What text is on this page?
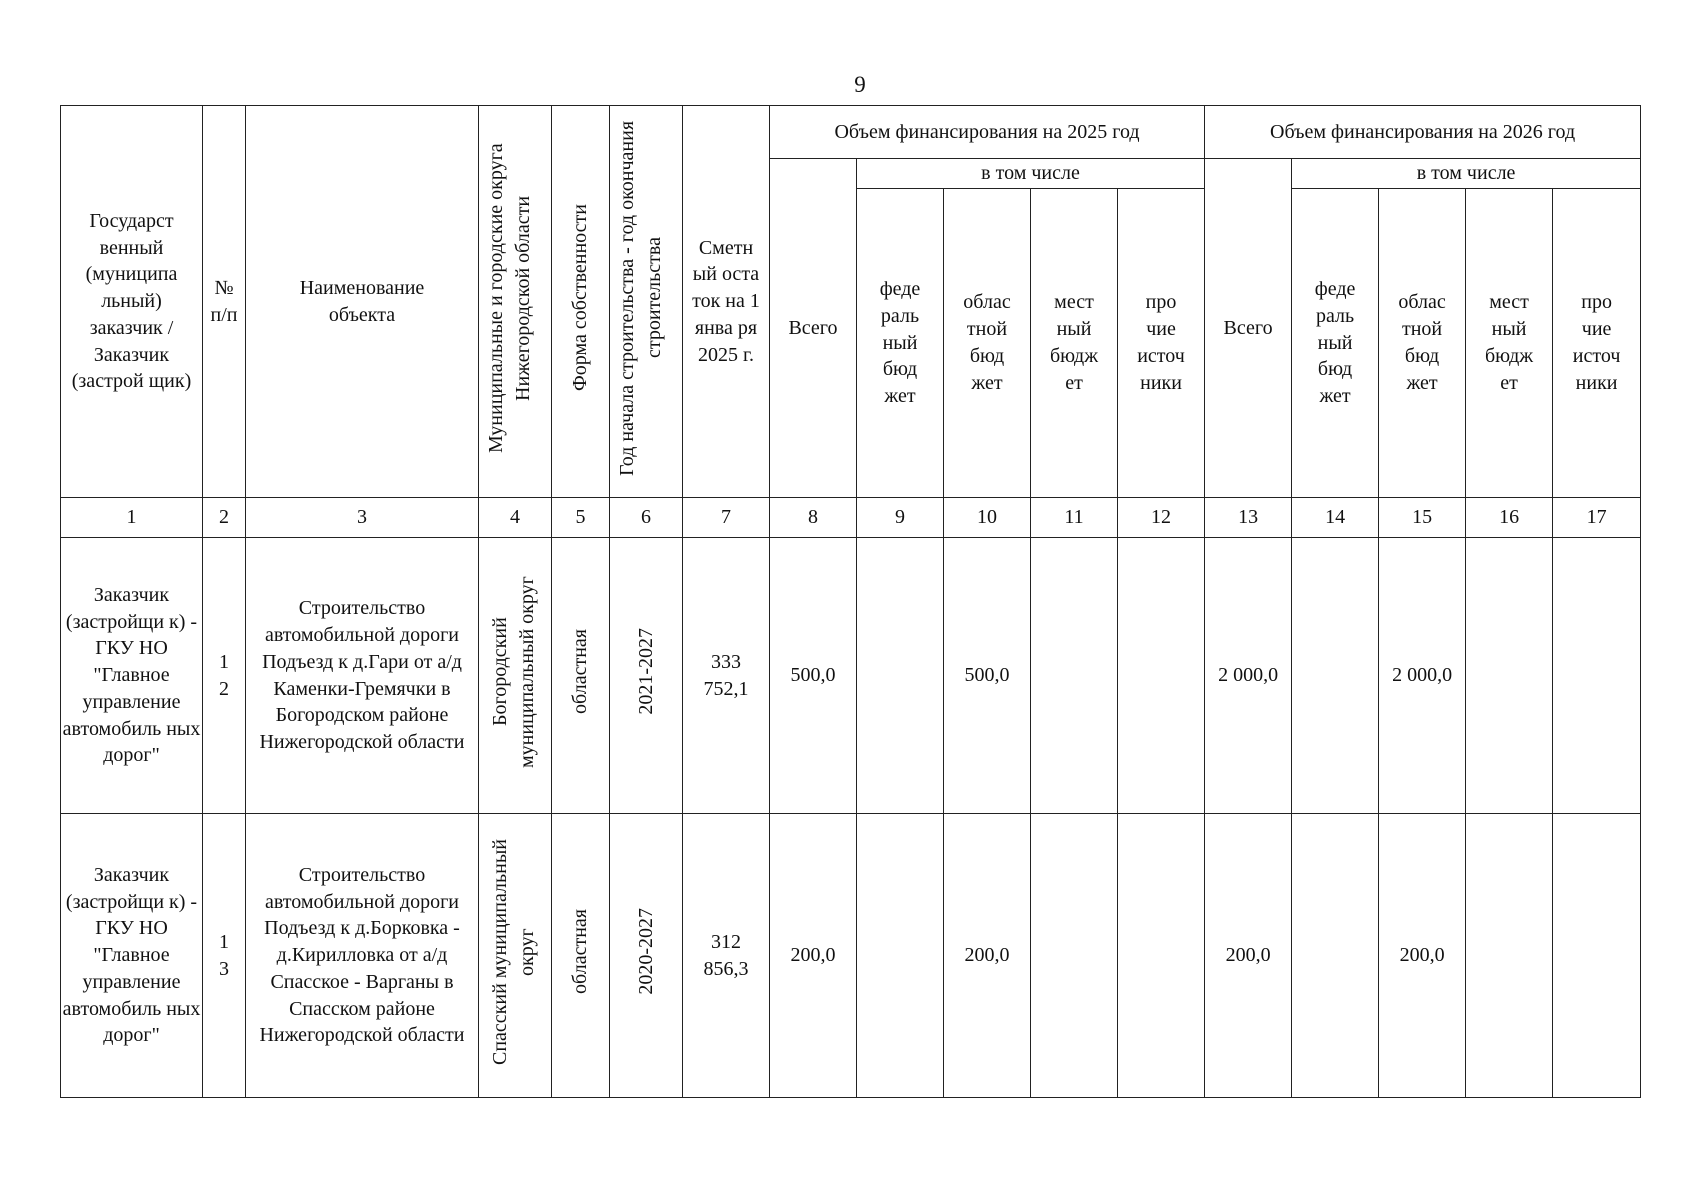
9
Государст венный (муниципа льный) заказчик / Заказчик (застрой щик)	№ п/п	Наименование объекта	Муниципальные и городские округа Нижегородской области	Форма собственности	Год начала строительства - год окончания строительства	Сметн ый оста ток на 1 янва ря 2025 г.	Объем финансирования на 2025 год					Объем финансирования на 2026 год				
							Всего	в том числе				Всего	в том числе			

								феде раль ный бюд жет	облас тной бюд жет	мест ный бюдж ет	про чие источ ники		феде раль ный бюд жет	облас тной бюд жет	мест ный бюдж ет	про чие источ ники

1	2	3	4	5	6	7	8	9	10	11	12	13	14	15	16	17
Заказчик (застройщи к) - ГКУ НО "Главное управление автомобиль ных дорог"	1 2	Строительство автомобильной дороги Подъезд к д.Гари от а/д Каменки-Гремячки в Богородском районе Нижегородской области	Богородский муниципальный округ	областная	2021-2027	333 752,1	500,0		500,0			2 000,0		2 000,0		
Заказчик (застройщи к) - ГКУ НО "Главное управление автомобиль ных дорог"	1 3	Строительство автомобильной дороги Подъезд к д.Борковка - д.Кирилловка от а/д Спасское - Варганы в Спасском районе Нижегородской области	Спасский муниципальный округ	областная	2020-2027	312 856,3	200,0		200,0			200,0		200,0		
